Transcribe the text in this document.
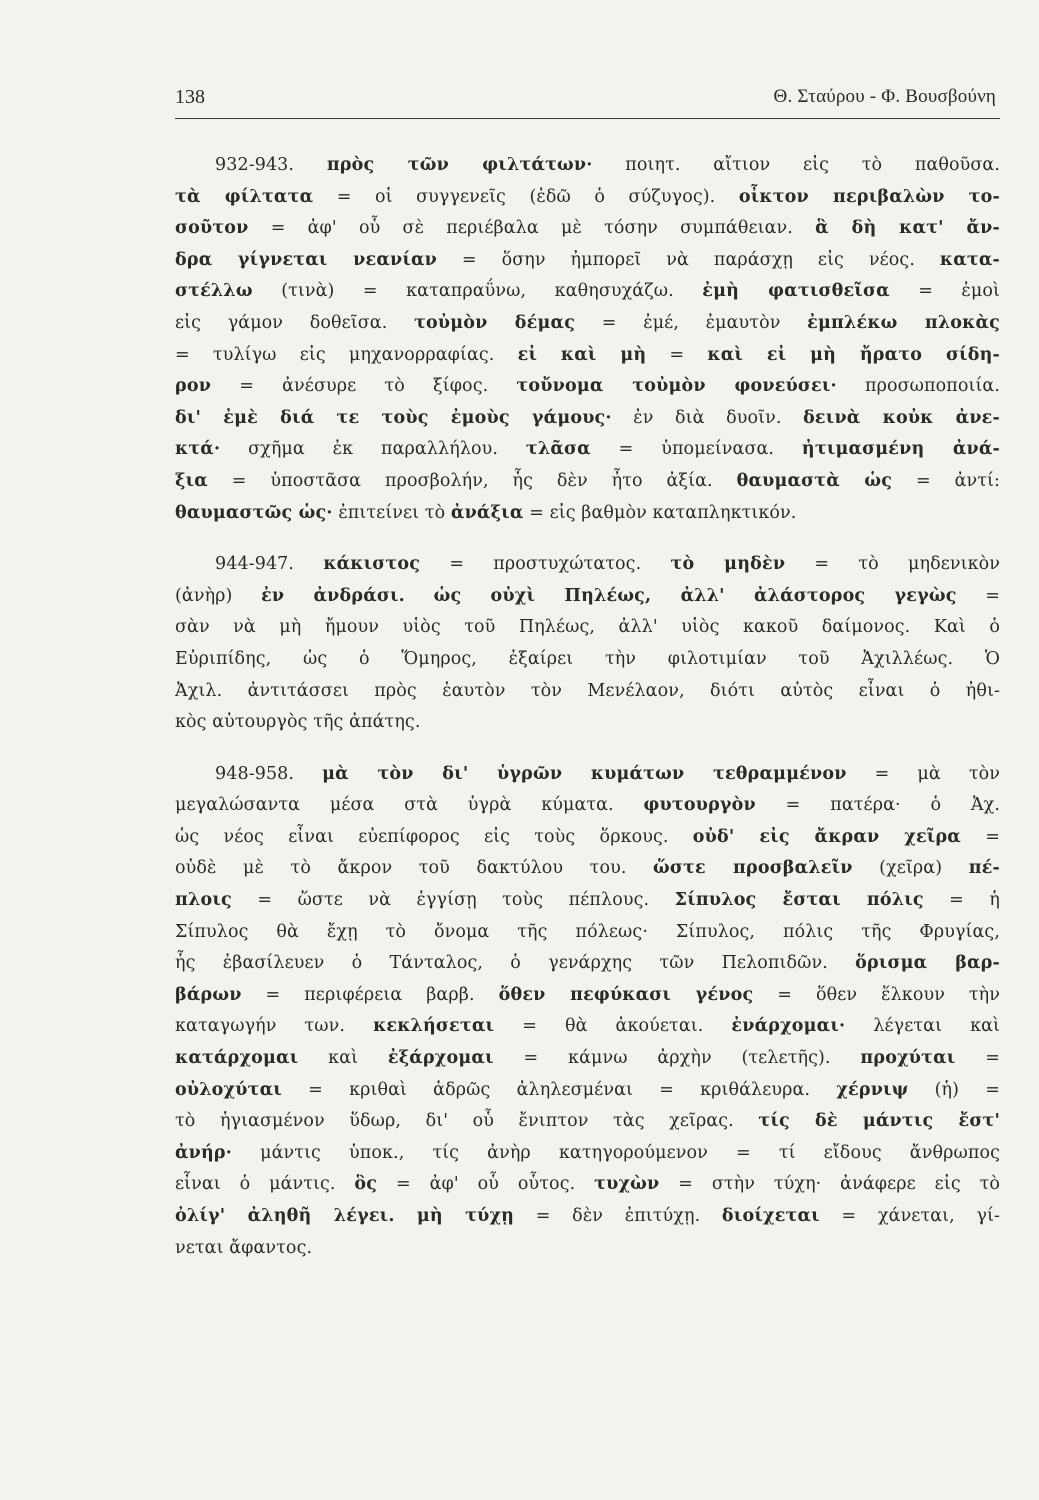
138	Θ. Σταύρου - Φ. Βουσβούνη
932-943. πρὸς τῶν φιλτάτων· ποιητ. αἴτιον εἰς τὸ παθοῦσα.
τὰ φίλτατα = οἱ συγγενεῖς (ἐδῶ ὁ σύζυγος). οἶκτον περιβαλὼν το-
σοῦτον = ἀφ' οὗ σὲ περιέβαλα μὲ τόσην συμπάθειαν. ἃ δὴ κατ' ἄν-
δρα γίγνεται νεανίαν = ὅσην ἠμπορεῖ νὰ παράσχῃ εἰς νέος. κατα-
στέλλω (τινὰ) = καταπραΰνω, καθησυχάζω. ἐμὴ φατισθεῖσα = ἐμοὶ
εἰς γάμον δοθεῖσα. τοὐμὸν δέμας = ἐμέ, ἐμαυτὸν ἐμπλέκω πλοκὰς
= τυλίγω εἰς μηχανορραφίας. εἰ καὶ μὴ = καὶ εἰ μὴ ἤρατο σίδη-
ρον = ἀνέσυρε τὸ ξίφος. τοὔνομα τοὐμὸν φονεύσει· προσωποποιία.
δι' ἐμὲ διά τε τοὺς ἐμοὺς γάμους· ἐν διὰ δυοῖν. δεινὰ κοὐκ ἀνε-
κτά· σχῆμα ἐκ παραλλήλου. τλᾶσα = ὑπομείνασα. ἠτιμασμένη ἀνά-
ξια = ὑποστᾶσα προσβολήν, ἧς δὲν ἦτο ἀξία. θαυμαστὰ ὡς = ἀντί:
θαυμαστῶς ὡς· ἐπιτείνει τὸ ἀνάξια = εἰς βαθμὸν καταπληκτικόν.
944-947. κάκιστος = προστυχώτατος. τὸ μηδὲν = τὸ μηδενικὸν
(ἀνὴρ) ἐν ἀνδράσι. ὡς οὐχὶ Πηλέως, ἀλλ' ἀλάστορος γεγὼς =
σὰν νὰ μὴ ἤμουν υἱὸς τοῦ Πηλέως, ἀλλ' υἱὸς κακοῦ δαίμονος. Καὶ ὁ
Εὐριπίδης, ὡς ὁ Ὅμηρος, ἐξαίρει τὴν φιλοτιμίαν τοῦ Ἀχιλλέως. Ὁ
Ἀχιλ. ἀντιτάσσει πρὸς ἑαυτὸν τὸν Μενέλαον, διότι αὐτὸς εἶναι ὁ ἠθι-
κὸς αὐτουργὸς τῆς ἀπάτης.
948-958. μὰ τὸν δι' ὑγρῶν κυμάτων τεθραμμένον = μὰ τὸν
μεγαλώσαντα μέσα στὰ ὑγρὰ κύματα. φυτουργὸν = πατέρα· ὁ Ἀχ.
ὡς νέος εἶναι εὐεπίφορος εἰς τοὺς ὅρκους. οὐδ' εἰς ἄκραν χεῖρα =
οὐδὲ μὲ τὸ ἄκρον τοῦ δακτύλου του. ὥστε προσβαλεῖν (χεῖρα) πέ-
πλοις = ὥστε νὰ ἐγγίσῃ τοὺς πέπλους. Σίπυλος ἔσται πόλις = ἡ
Σίπυλος θὰ ἔχῃ τὸ ὄνομα τῆς πόλεως· Σίπυλος, πόλις τῆς Φρυγίας,
ἧς ἐβασίλευεν ὁ Τάνταλος, ὁ γενάρχης τῶν Πελοπιδῶν. ὅρισμα βαρ-
βάρων = περιφέρεια βαρβ. ὅθεν πεφύκασι γένος = ὅθεν ἕλκουν τὴν
καταγωγήν των. κεκλήσεται = θὰ ἀκούεται. ἐνάρχομαι· λέγεται καὶ
κατάρχομαι καὶ ἐξάρχομαι = κάμνω ἀρχὴν (τελετῆς). προχύται =
οὐλοχύται = κριθαὶ ἁδρῶς ἀληλεσμέναι = κριθάλευρα. χέρνιψ (ἡ) =
τὸ ἡγιασμένον ὕδωρ, δι' οὗ ἔνιπτον τὰς χεῖρας. τίς δὲ μάντις ἔστ'
ἀνήρ· μάντις ὑποκ., τίς ἀνὴρ κατηγορούμενον = τί εἴδους ἄνθρωπος
εἶναι ὁ μάντις. ὃς = ἀφ' οὗ οὗτος. τυχὼν = στὴν τύχη· ἀνάφερε εἰς τὸ
ὀλίγ' ἀληθῆ λέγει. μὴ τύχῃ = δὲν ἐπιτύχῃ. διοίχεται = χάνεται, γί-
νεται ἄφαντος.
